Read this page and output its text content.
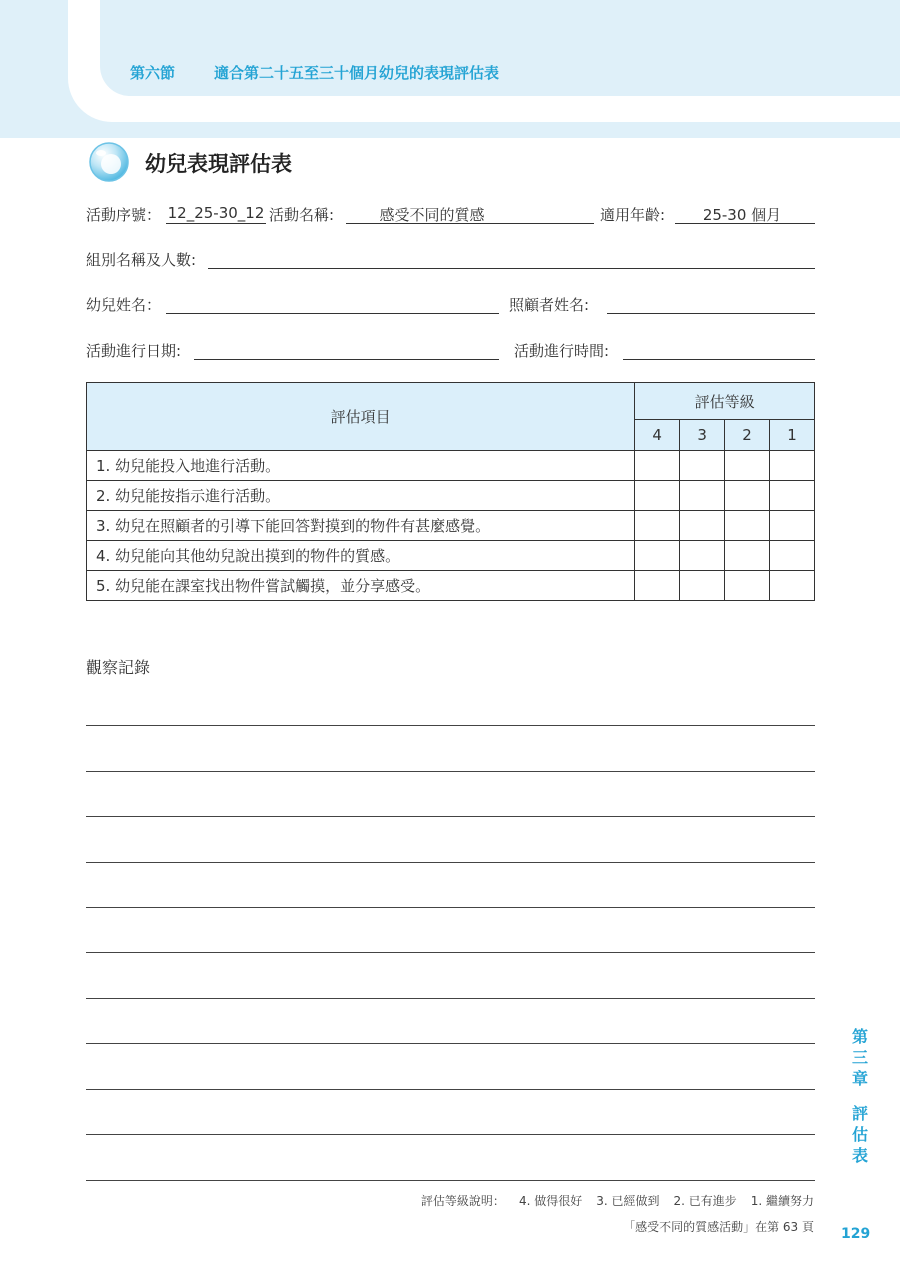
第六節	適合第二十五至三十個月幼兒的表現評估表
幼兒表現評估表
活動序號： 12_25-30_12 活動名稱:	感受不同的質感	適用年齡:	25-30 個月
組別名稱及人數:
幼兒姓名：	照顧者姓名:
活動進行日期:	活動進行時間:
評估項目	評估等級			
	4	3	2	1
1. 幼兒能投入地進行活動。				
2. 幼兒能按指示進行活動。				
3. 幼兒在照顧者的引導下能回答對摸到的物件有甚麼感覺。				
4. 幼兒能向其他幼兒說出摸到的物件的質感。				
5. 幼兒能在課室找出物件嘗試觸摸，並分享感受。				
觀察記錄
第
三
章
評
估
表
評估等級說明： 4. 做得很好 3. 已經做到 2. 已有進步 1. 繼續努力
「感受不同的質感活動」在第 63 頁 129
